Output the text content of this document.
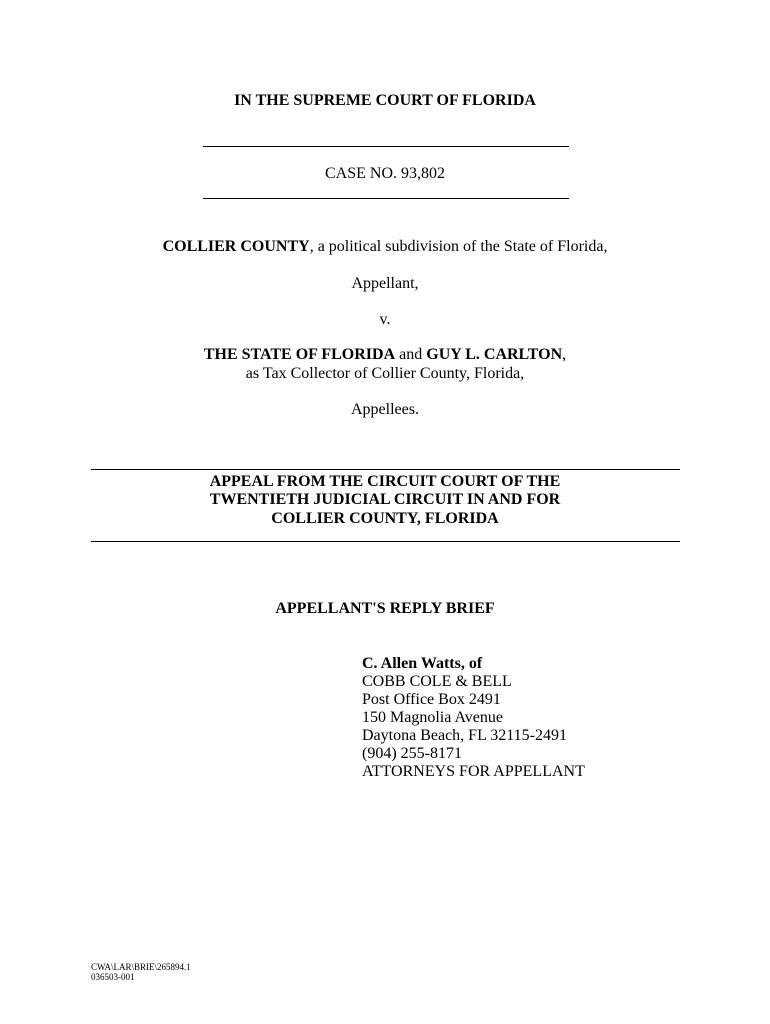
IN THE SUPREME COURT OF FLORIDA
CASE NO. 93,802
COLLIER COUNTY, a political subdivision of the State of Florida,
Appellant,
v.
THE STATE OF FLORIDA and GUY L. CARLTON,
as Tax Collector of Collier County, Florida,
Appellees.
APPEAL FROM THE CIRCUIT COURT OF THE
TWENTIETH JUDICIAL CIRCUIT IN AND FOR
COLLIER COUNTY, FLORIDA
APPELLANT'S REPLY BRIEF
C. Allen Watts, of
COBB COLE & BELL
Post Office Box 2491
150 Magnolia Avenue
Daytona Beach, FL 32115-2491
(904) 255-8171
ATTORNEYS FOR APPELLANT
CWA\LAR\BRIE\265894.1
036503-001
